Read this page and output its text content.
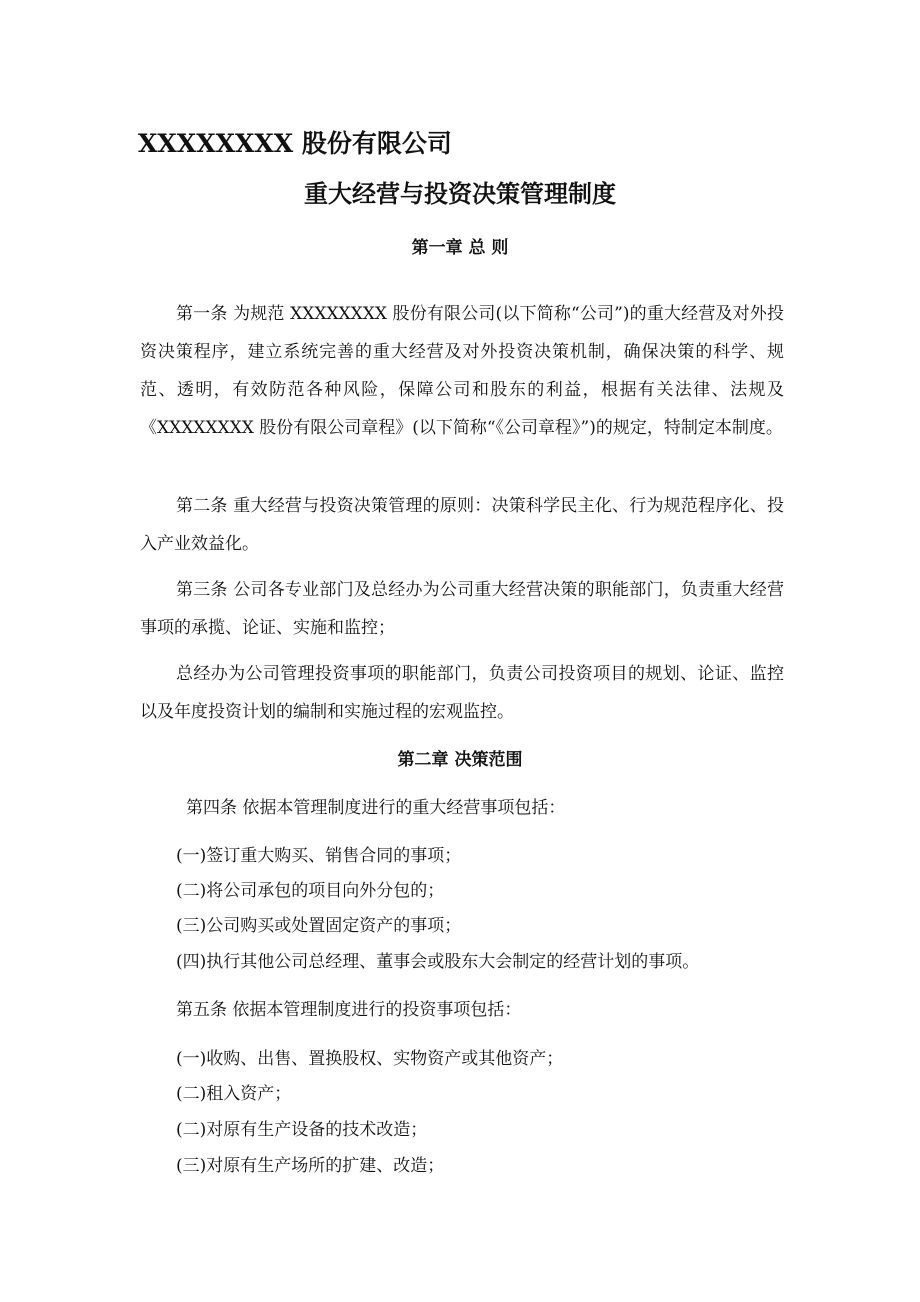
XXXXXXXX 股份有限公司
重大经营与投资决策管理制度
第一章 总 则
第一条 为规范 XXXXXXXX 股份有限公司(以下简称“公司”)的重大经营及对外投资决策程序，建立系统完善的重大经营及对外投资决策机制，确保决策的科学、规范、透明，有效防范各种风险，保障公司和股东的利益，根据有关法律、法规及《XXXXXXXX 股份有限公司章程》(以下简称“《公司章程》”)的规定，特制定本制度。
第二条 重大经营与投资决策管理的原则：决策科学民主化、行为规范程序化、投入产业效益化。
第三条 公司各专业部门及总经办为公司重大经营决策的职能部门，负责重大经营事项的承揽、论证、实施和监控；
总经办为公司管理投资事项的职能部门，负责公司投资项目的规划、论证、监控以及年度投资计划的编制和实施过程的宏观监控。
第二章 决策范围
第四条 依据本管理制度进行的重大经营事项包括：
(一)签订重大购买、销售合同的事项；
(二)将公司承包的项目向外分包的；
(三)公司购买或处置固定资产的事项；
(四)执行其他公司总经理、董事会或股东大会制定的经营计划的事项。
第五条 依据本管理制度进行的投资事项包括：
(一)收购、出售、置换股权、实物资产或其他资产；
(二)租入资产；
(二)对原有生产设备的技术改造；
(三)对原有生产场所的扩建、改造；
